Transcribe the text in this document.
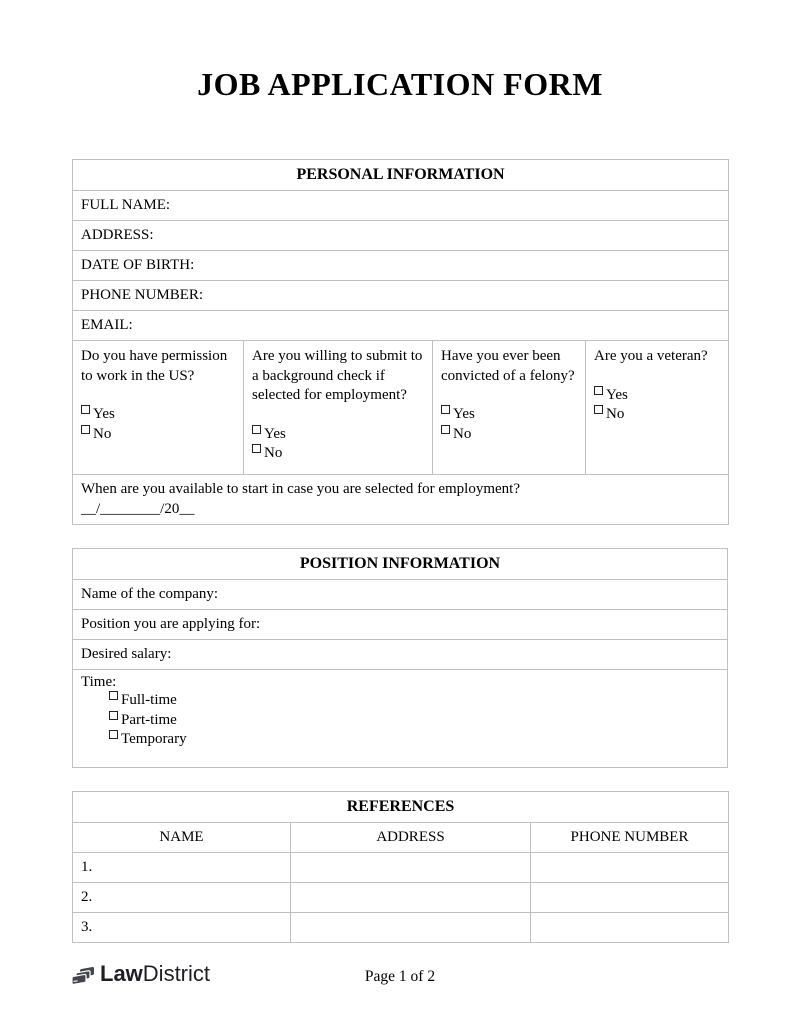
JOB APPLICATION FORM
PERSONAL INFORMATION
FULL NAME:
ADDRESS:
DATE OF BIRTH:
PHONE NUMBER:
EMAIL:

Do you have permission to work in the US?
Yes
No

Are you willing to submit to a background check if selected for employment?
Yes
No

Have you ever been convicted of a felony?
Yes
No

Are you a veteran?
Yes
No

When are you available to start in case you are selected for employment?
__/________/20__
POSITION INFORMATION
Name of the company:
Position you are applying for:
Desired salary:

Time:
Full-time
Part-time
Temporary
REFERENCES		
NAME	ADDRESS	PHONE NUMBER
1.		
2.		
3.		
Law District	Page 1 of 2
